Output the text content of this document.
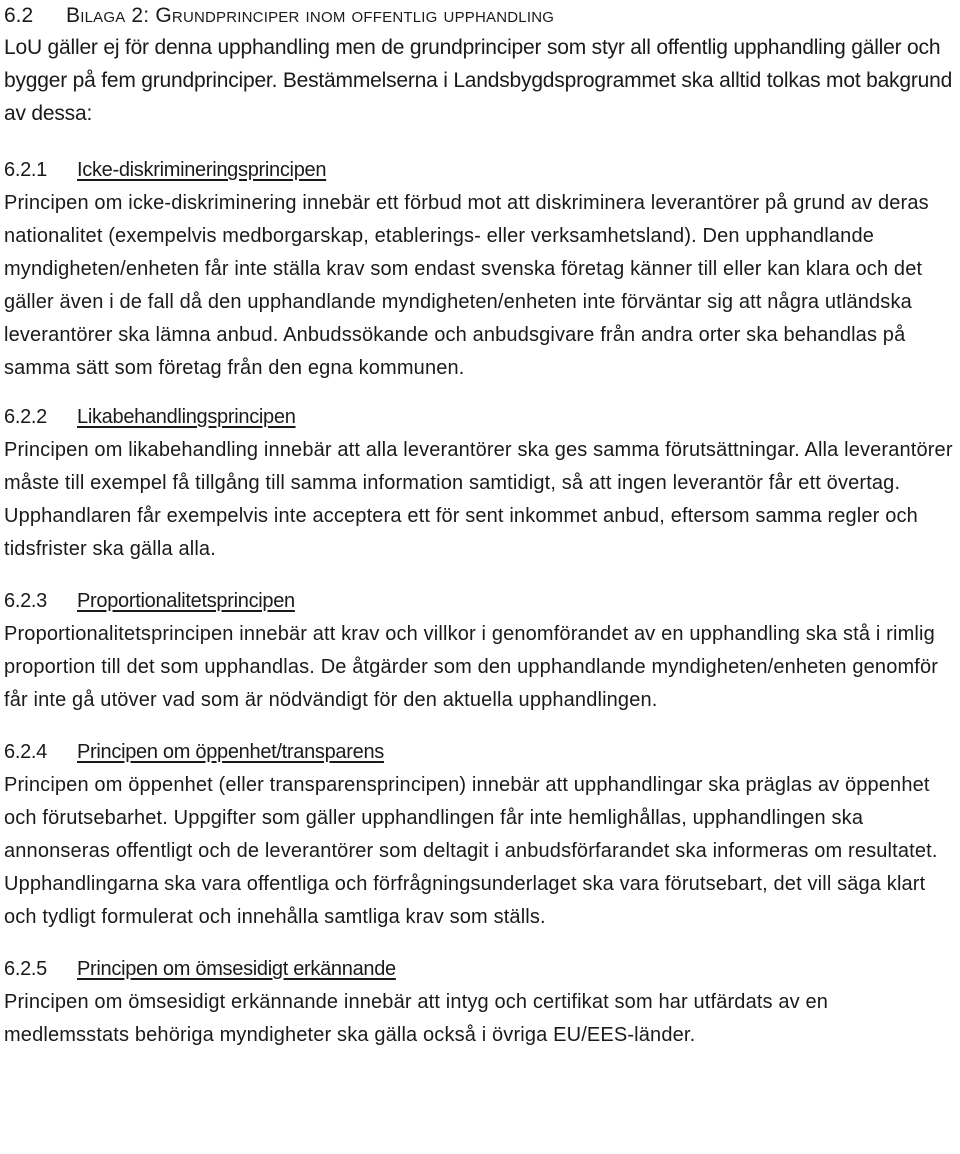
6.2 Bilaga 2: Grundprinciper inom offentlig upphandling

LoU gäller ej för denna upphandling men de grundprinciper som styr all offentlig upphandling gäller och bygger på fem grundprinciper. Bestämmelserna i Landsbygdsprogrammet ska alltid tolkas mot bakgrund av dessa:

6.2.1 Icke-diskrimineringsprincipen

Principen om icke-diskriminering innebär ett förbud mot att diskriminera leverantörer på grund av deras nationalitet (exempelvis medborgarskap, etablerings- eller verksamhetsland). Den upphandlande myndigheten/enheten får inte ställa krav som endast svenska företag känner till eller kan klara och det gäller även i de fall då den upphandlande myndigheten/enheten inte förväntar sig att några utländska leverantörer ska lämna anbud. Anbudssökande och anbudsgivare från andra orter ska behandlas på samma sätt som företag från den egna kommunen.

6.2.2 Likabehandlingsprincipen

Principen om likabehandling innebär att alla leverantörer ska ges samma förutsättningar. Alla leverantörer måste till exempel få tillgång till samma information samtidigt, så att ingen leverantör får ett övertag. Upphandlaren får exempelvis inte acceptera ett för sent inkommet anbud, eftersom samma regler och tidsfrister ska gälla alla.

6.2.3 Proportionalitetsprincipen

Proportionalitetsprincipen innebär att krav och villkor i genomförandet av en upphandling ska stå i rimlig proportion till det som upphandlas. De åtgärder som den upphandlande myndigheten/enheten genomför får inte gå utöver vad som är nödvändigt för den aktuella upphandlingen.

6.2.4 Principen om öppenhet/transparens

Principen om öppenhet (eller transparensprincipen) innebär att upphandlingar ska präglas av öppenhet och förutsebarhet. Uppgifter som gäller upphandlingen får inte hemlighållas, upphandlingen ska annonseras offentligt och de leverantörer som deltagit i anbudsförfarandet ska informeras om resultatet. Upphandlingarna ska vara offentliga och förfrågningsunderlaget ska vara förutsebart, det vill säga klart och tydligt formulerat och innehålla samtliga krav som ställs.

6.2.5 Principen om ömsesidigt erkännande

Principen om ömsesidigt erkännande innebär att intyg och certifikat som har utfärdats av en medlemsstats behöriga myndigheter ska gälla också i övriga EU/EES-länder.
